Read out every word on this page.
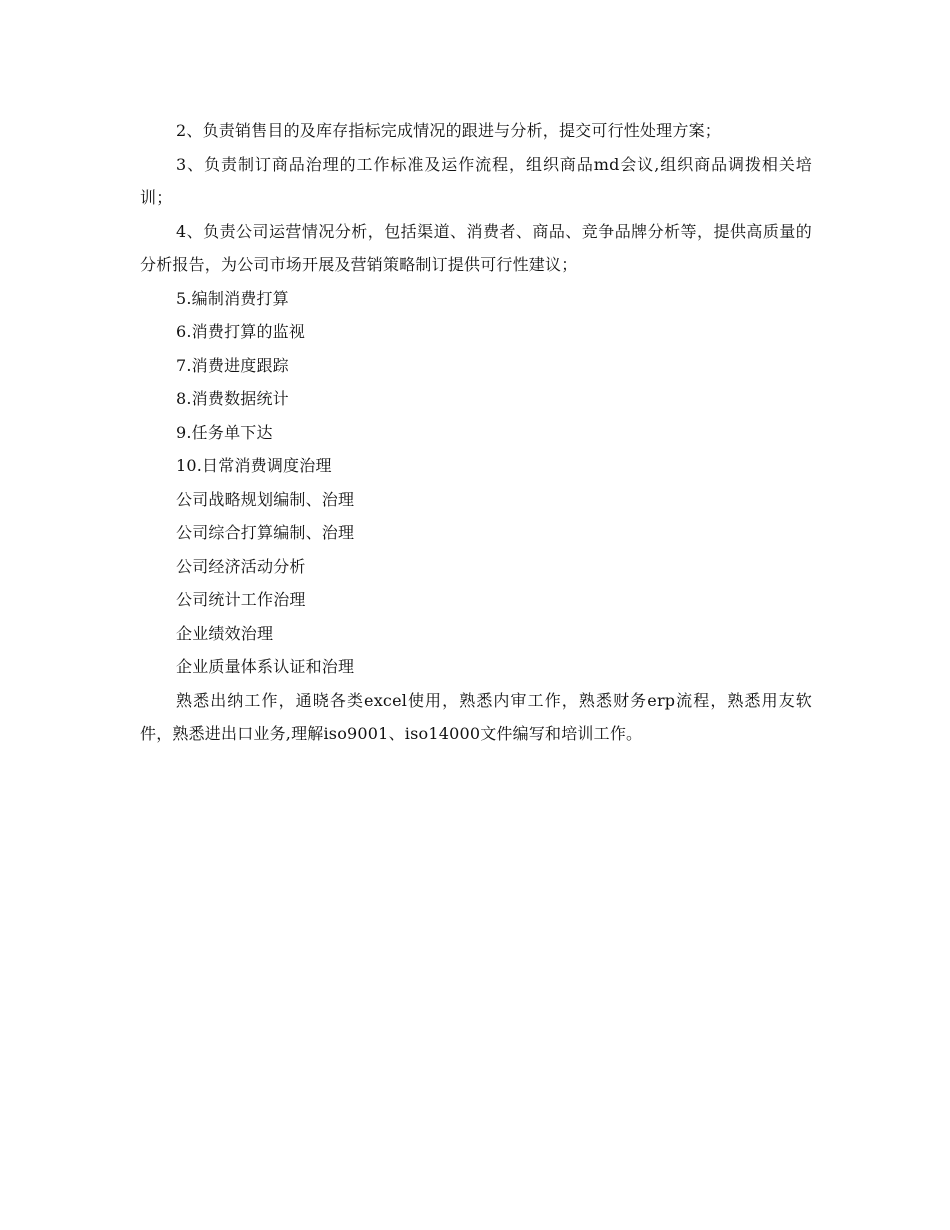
2、负责销售目的及库存指标完成情况的跟进与分析，提交可行性处理方案；

3、负责制订商品治理的工作标准及运作流程，组织商品md会议,组织商品调拨相关培训；

4、负责公司运营情况分析，包括渠道、消费者、商品、竞争品牌分析等，提供高质量的分析报告，为公司市场开展及营销策略制订提供可行性建议；

5.编制消费打算

6.消费打算的监视

7.消费进度跟踪

8.消费数据统计

9.任务单下达

10.日常消费调度治理

公司战略规划编制、治理

公司综合打算编制、治理

公司经济活动分析

公司统计工作治理

企业绩效治理

企业质量体系认证和治理

熟悉出纳工作，通晓各类excel使用，熟悉内审工作，熟悉财务erp流程，熟悉用友软件，熟悉进出口业务,理解iso9001、iso14000文件编写和培训工作。
